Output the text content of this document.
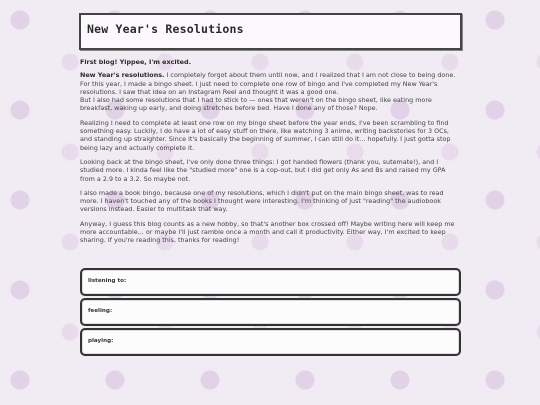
New Year's Resolutions

First blog! Yippee, I'm excited.

New Year's resolutions. I completely forgot about them until now, and I realized that I am not close to being done. For this year, I made a bingo sheet. I just need to complete one row of bingo and I've completed my New Year's resolutions. I saw that idea on an Instagram Reel and thought it was a good one.
But I also had some resolutions that I had to stick to — ones that weren't on the bingo sheet, like eating more breakfast, waking up early, and doing stretches before bed. Have I done any of those? Nope.

Realizing I need to complete at least one row on my bingo sheet before the year ends, I've been scrambling to find something easy. Luckily, I do have a lot of easy stuff on there, like watching 3 anime, writing backstories for 3 OCs, and standing up straighter. Since it's basically the beginning of summer, I can still do it... hopefully. I just gotta stop being lazy and actually complete it.

Looking back at the bingo sheet, I've only done three things: I got handed flowers (thank you, sutemate!), and I studied more. I kinda feel like the "studied more" one is a cop-out, but I did get only As and Bs and raised my GPA from a 2.9 to a 3.2. So maybe not.

I also made a book bingo, because one of my resolutions, which I didn't put on the main bingo sheet, was to read more. I haven't touched any of the books I thought were interesting. I'm thinking of just "reading" the audiobook versions instead. Easier to multitask that way.

Anyway, I guess this blog counts as a new hobby, so that's another box crossed off! Maybe writing here will keep me more accountable... or maybe I'll just ramble once a month and call it productivity. Either way, I'm excited to keep sharing. If you're reading this, thanks for reading!

listening to:
feeling:
playing:
